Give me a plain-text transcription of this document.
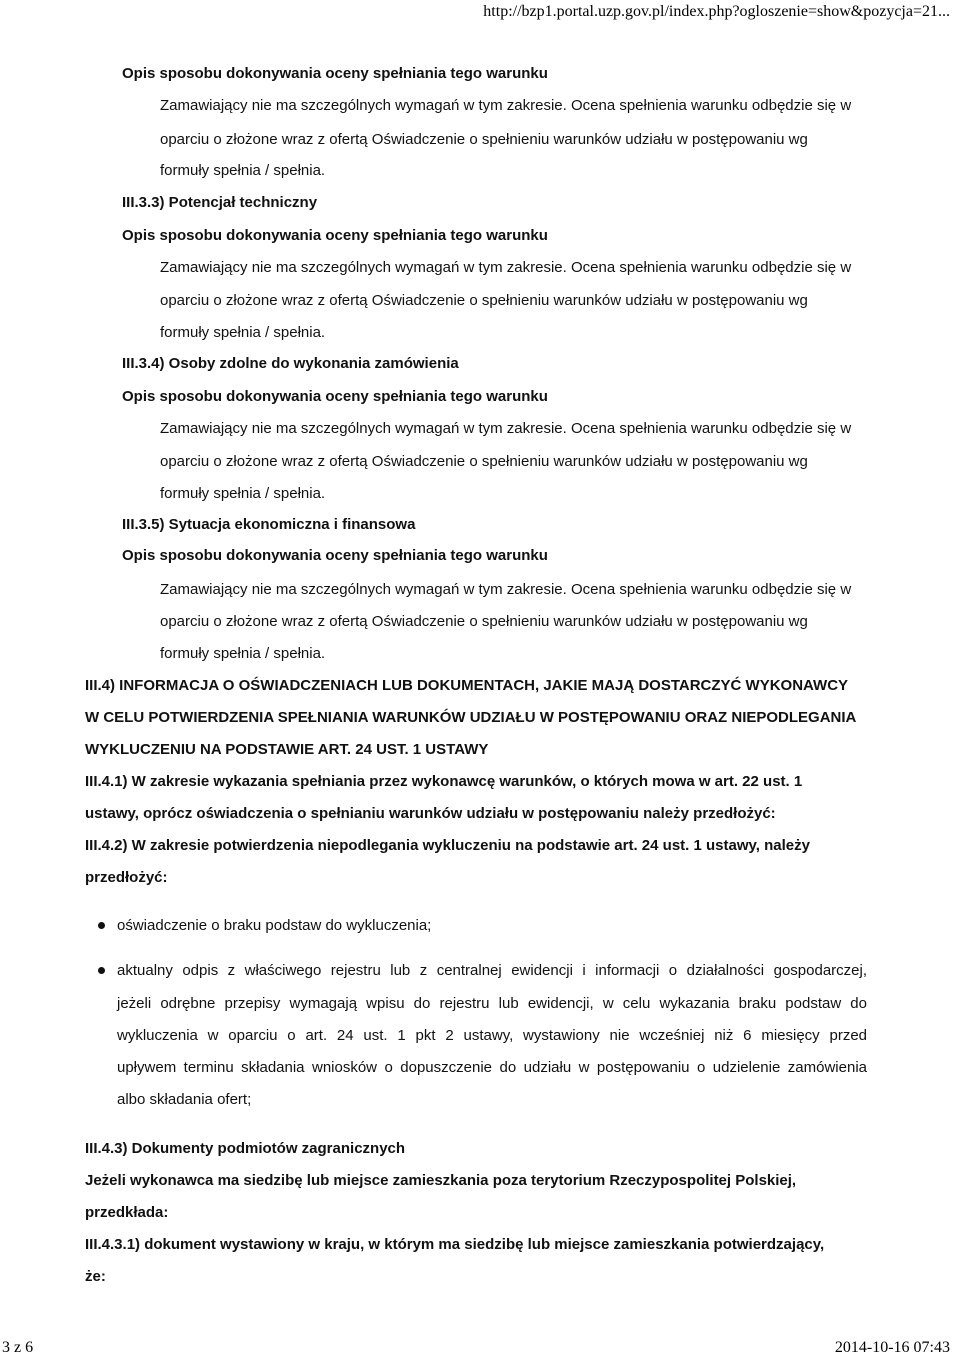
http://bzp1.portal.uzp.gov.pl/index.php?ogloszenie=show&pozycja=21...
Opis sposobu dokonywania oceny spełniania tego warunku
Zamawiający nie ma szczególnych wymagań w tym zakresie. Ocena spełnienia warunku odbędzie się w
oparciu o złożone wraz z ofertą Oświadczenie o spełnieniu warunków udziału w postępowaniu wg
formuły spełnia / spełnia.
III.3.3) Potencjał techniczny
Opis sposobu dokonywania oceny spełniania tego warunku
Zamawiający nie ma szczególnych wymagań w tym zakresie. Ocena spełnienia warunku odbędzie się w
oparciu o złożone wraz z ofertą Oświadczenie o spełnieniu warunków udziału w postępowaniu wg
formuły spełnia / spełnia.
III.3.4) Osoby zdolne do wykonania zamówienia
Opis sposobu dokonywania oceny spełniania tego warunku
Zamawiający nie ma szczególnych wymagań w tym zakresie. Ocena spełnienia warunku odbędzie się w
oparciu o złożone wraz z ofertą Oświadczenie o spełnieniu warunków udziału w postępowaniu wg
formuły spełnia / spełnia.
III.3.5) Sytuacja ekonomiczna i finansowa
Opis sposobu dokonywania oceny spełniania tego warunku
Zamawiający nie ma szczególnych wymagań w tym zakresie. Ocena spełnienia warunku odbędzie się w
oparciu o złożone wraz z ofertą Oświadczenie o spełnieniu warunków udziału w postępowaniu wg
formuły spełnia / spełnia.
III.4) INFORMACJA O OŚWIADCZENIACH LUB DOKUMENTACH, JAKIE MAJĄ DOSTARCZYĆ WYKONAWCY
W CELU POTWIERDZENIA SPEŁNIANIA WARUNKÓW UDZIAŁU W POSTĘPOWANIU ORAZ NIEPODLEGANIA
WYKLUCZENIU NA PODSTAWIE ART. 24 UST. 1 USTAWY
III.4.1) W zakresie wykazania spełniania przez wykonawcę warunków, o których mowa w art. 22 ust. 1
ustawy, oprócz oświadczenia o spełnianiu warunków udziału w postępowaniu należy przedłożyć:
III.4.2) W zakresie potwierdzenia niepodlegania wykluczeniu na podstawie art. 24 ust. 1 ustawy, należy
przedłożyć:
oświadczenie o braku podstaw do wykluczenia;
aktualny odpis z właściwego rejestru lub z centralnej ewidencji i informacji o działalności gospodarczej,
jeżeli odrębne przepisy wymagają wpisu do rejestru lub ewidencji, w celu wykazania braku podstaw do
wykluczenia w oparciu o art. 24 ust. 1 pkt 2 ustawy, wystawiony nie wcześniej niż 6 miesięcy przed
upływem terminu składania wniosków o dopuszczenie do udziału w postępowaniu o udzielenie zamówienia
albo składania ofert;
III.4.3) Dokumenty podmiotów zagranicznych
Jeżeli wykonawca ma siedzibę lub miejsce zamieszkania poza terytorium Rzeczypospolitej Polskiej,
przedkłada:
III.4.3.1) dokument wystawiony w kraju, w którym ma siedzibę lub miejsce zamieszkania potwierdzający,
że:
3 z 6	2014-10-16 07:43
